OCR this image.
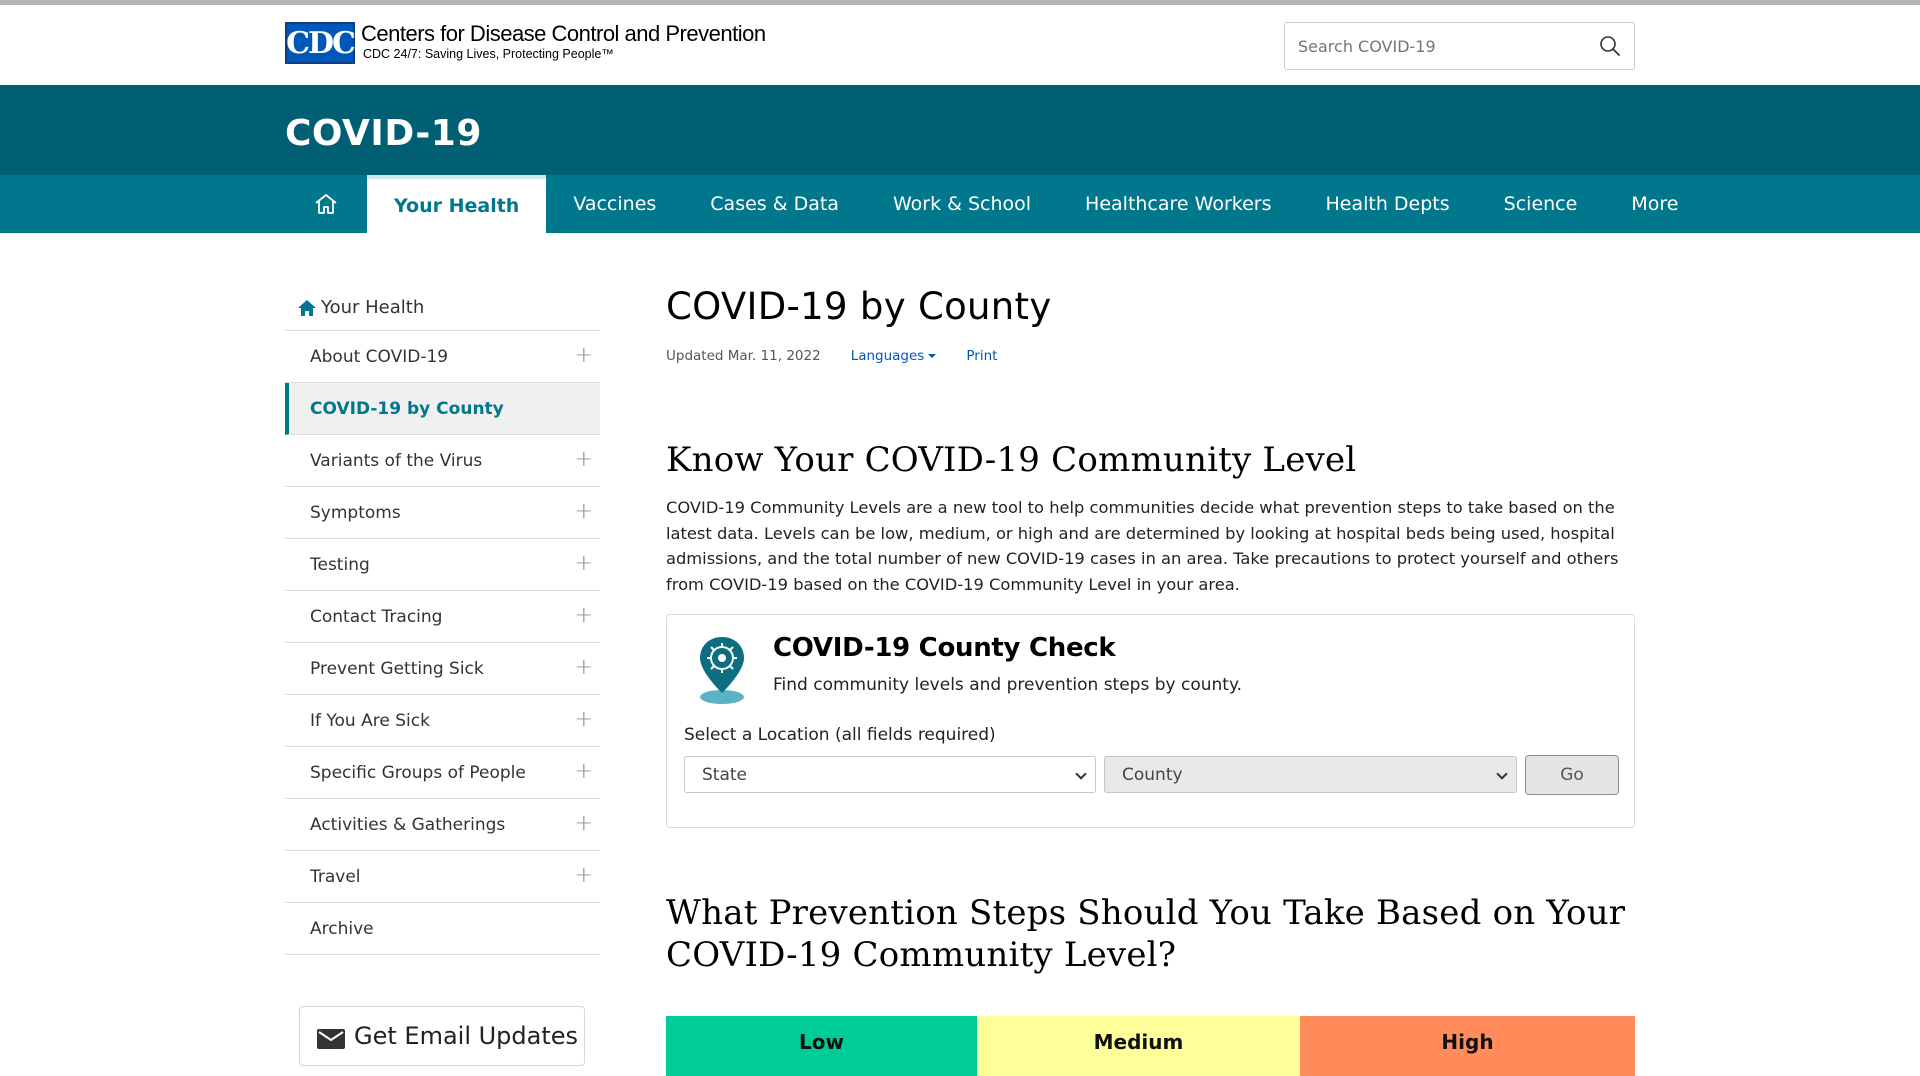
CDC Centers for Disease Control and Prevention
CDC 24/7: Saving Lives, Protecting People™
Search COVID-19
COVID-19
Your Health	Vaccines	Cases & Data	Work & School	Healthcare Workers	Health Depts	Science	More
Your Health
About COVID-19	+
COVID-19 by County
Variants of the Virus	+
Symptoms	+
Testing	+
Contact Tracing	+
Prevent Getting Sick	+
If You Are Sick	+
Specific Groups of People +
Activities & Gatherings	+
Travel	+
Archive
Get Email Updates
COVID-19 by County
Updated Mar. 11, 2022 Languages	Print
Know Your COVID-19 Community Level

COVID-19 Community Levels are a new tool to help communities decide what prevention steps to take based on the latest data. Levels can be low, medium, or high and are determined by looking at hospital beds being used, hospital admissions, and the total number of new COVID-19 cases in an area. Take precautions to protect yourself and others from COVID-19 based on the COVID-19 Community Level in your area.

COVID-19 County Check
Find community levels and prevention steps by county.
Select a Location (all fields required)
State	County	Go
What Prevention Steps Should You Take Based on Your COVID-19 Community Level?
Low	Medium	High
